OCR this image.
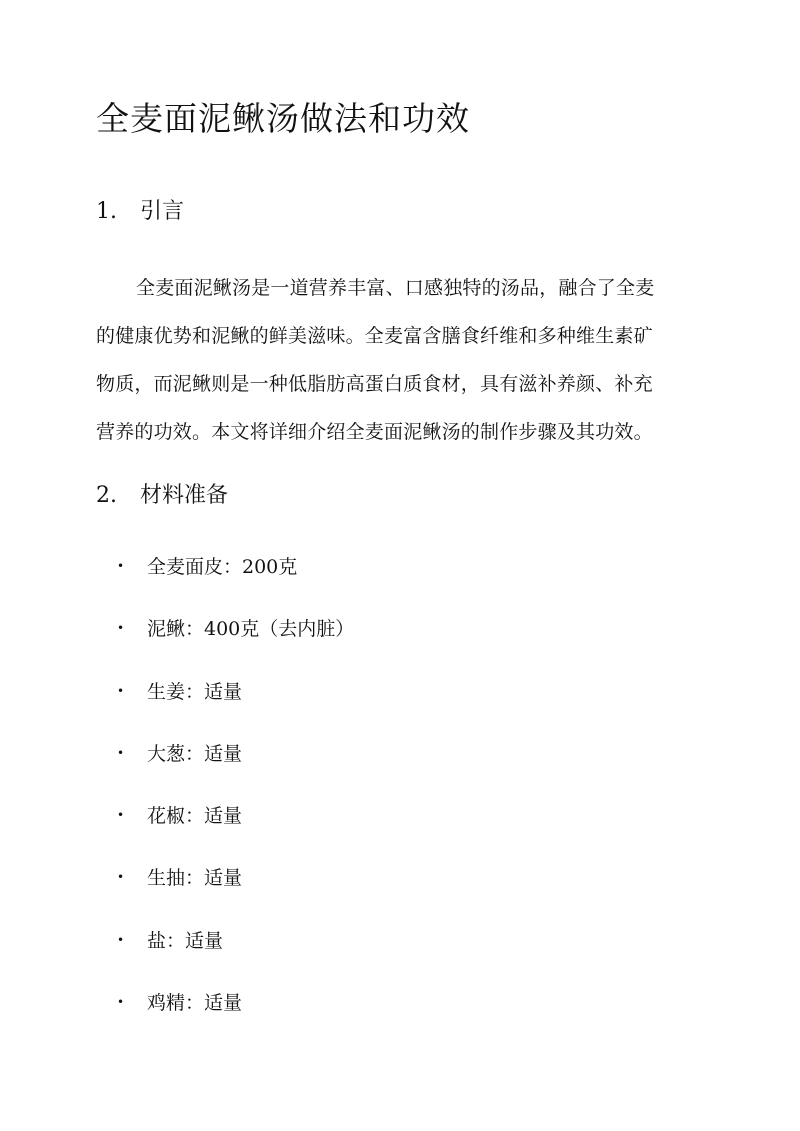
全麦面泥鳅汤做法和功效
1. 引言

全麦面泥鳅汤是一道营养丰富、口感独特的汤品，融合了全麦
的健康优势和泥鳅的鲜美滋味。全麦富含膳食纤维和多种维生素矿
物质，而泥鳅则是一种低脂肪高蛋白质食材，具有滋补养颜、补充
营养的功效。本文将详细介绍全麦面泥鳅汤的制作步骤及其功效。

2. 材料准备
• 全麦面皮：200克
• 泥鳅：400克（去内脏）
• 生姜：适量
• 大葱：适量
• 花椒：适量
• 生抽：适量
• 盐：适量
• 鸡精：适量
